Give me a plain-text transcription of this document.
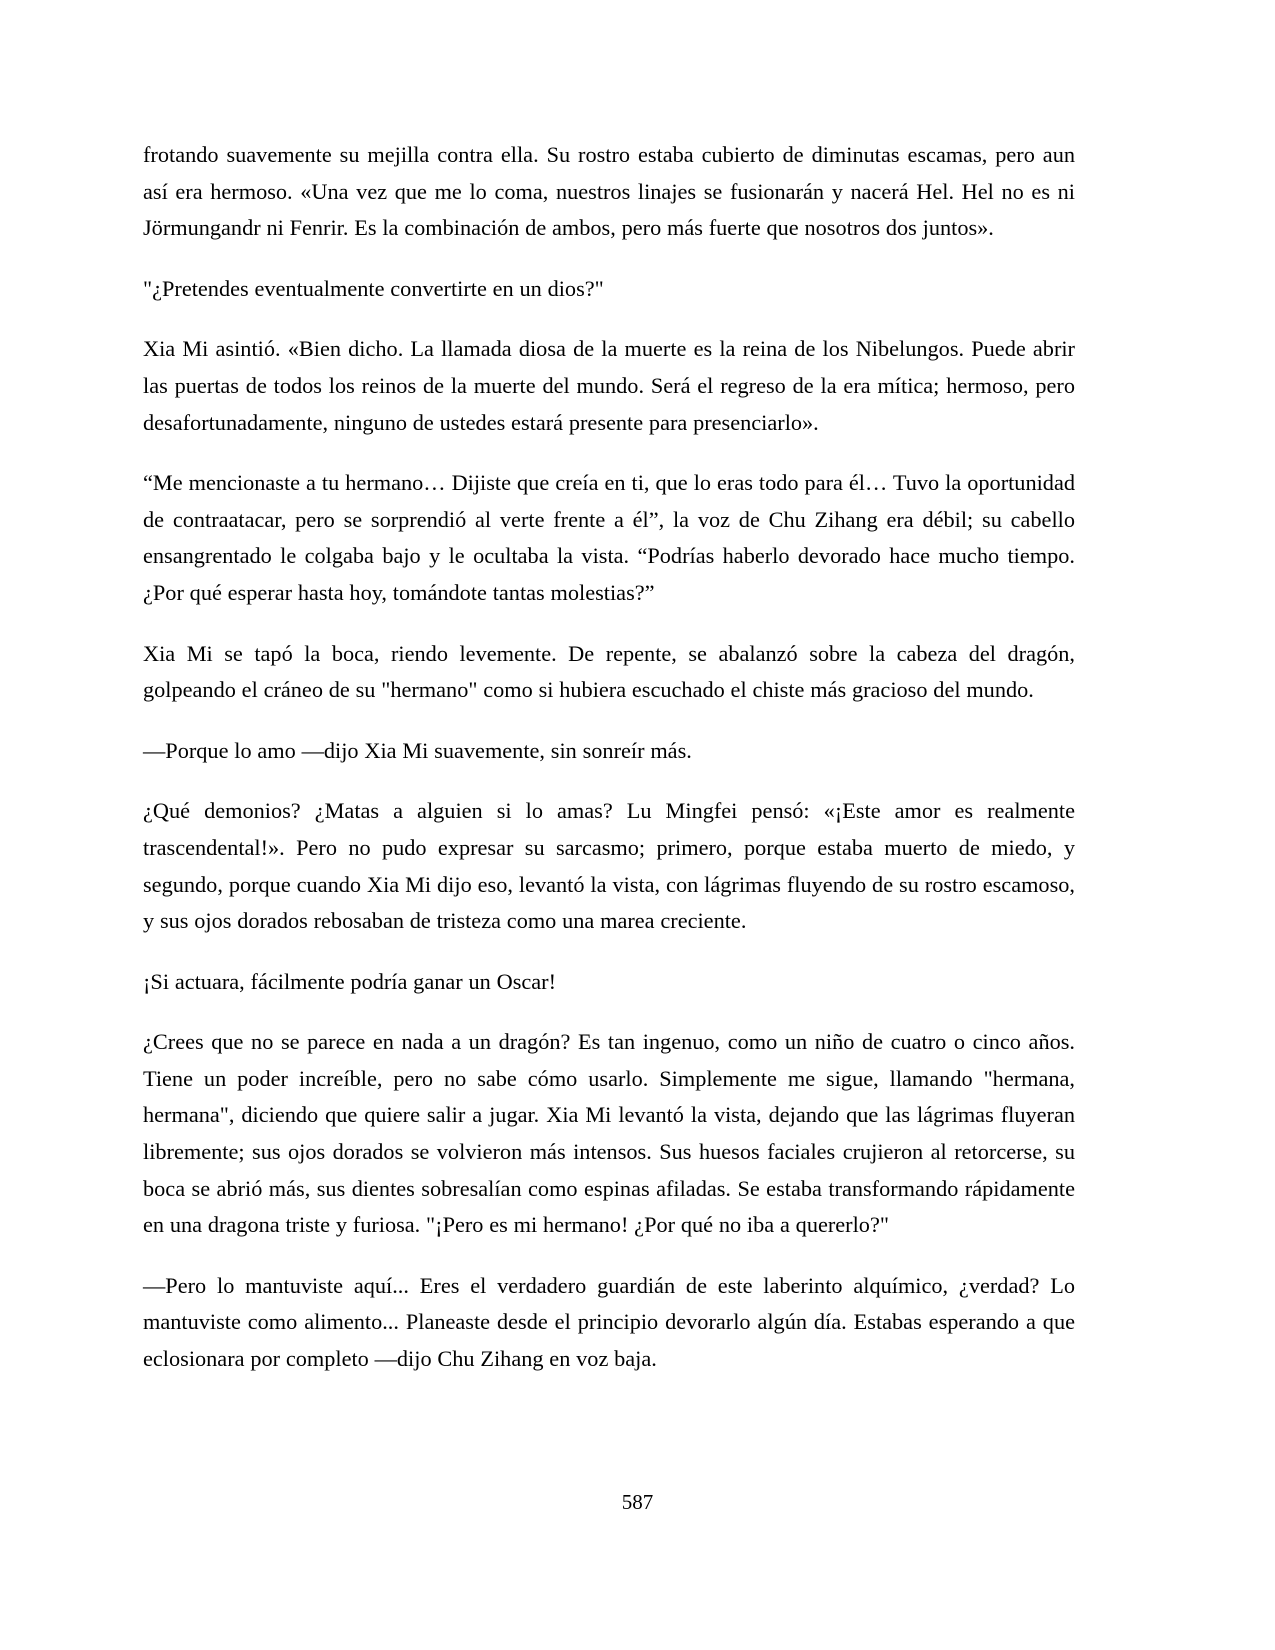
frotando suavemente su mejilla contra ella. Su rostro estaba cubierto de diminutas escamas, pero aun así era hermoso. «Una vez que me lo coma, nuestros linajes se fusionarán y nacerá Hel. Hel no es ni Jörmungandr ni Fenrir. Es la combinación de ambos, pero más fuerte que nosotros dos juntos».

"¿Pretendes eventualmente convertirte en un dios?"

Xia Mi asintió. «Bien dicho. La llamada diosa de la muerte es la reina de los Nibelungos. Puede abrir las puertas de todos los reinos de la muerte del mundo. Será el regreso de la era mítica; hermoso, pero desafortunadamente, ninguno de ustedes estará presente para presenciarlo».

“Me mencionaste a tu hermano… Dijiste que creía en ti, que lo eras todo para él… Tuvo la oportunidad de contraatacar, pero se sorprendió al verte frente a él”, la voz de Chu Zihang era débil; su cabello ensangrentado le colgaba bajo y le ocultaba la vista. “Podrías haberlo devorado hace mucho tiempo. ¿Por qué esperar hasta hoy, tomándote tantas molestias?”

Xia Mi se tapó la boca, riendo levemente. De repente, se abalanzó sobre la cabeza del dragón, golpeando el cráneo de su "hermano" como si hubiera escuchado el chiste más gracioso del mundo.

—Porque lo amo —dijo Xia Mi suavemente, sin sonreír más.

¿Qué demonios? ¿Matas a alguien si lo amas? Lu Mingfei pensó: «¡Este amor es realmente trascendental!». Pero no pudo expresar su sarcasmo; primero, porque estaba muerto de miedo, y segundo, porque cuando Xia Mi dijo eso, levantó la vista, con lágrimas fluyendo de su rostro escamoso, y sus ojos dorados rebosaban de tristeza como una marea creciente.

¡Si actuara, fácilmente podría ganar un Oscar!

¿Crees que no se parece en nada a un dragón? Es tan ingenuo, como un niño de cuatro o cinco años. Tiene un poder increíble, pero no sabe cómo usarlo. Simplemente me sigue, llamando "hermana, hermana", diciendo que quiere salir a jugar. Xia Mi levantó la vista, dejando que las lágrimas fluyeran libremente; sus ojos dorados se volvieron más intensos. Sus huesos faciales crujieron al retorcerse, su boca se abrió más, sus dientes sobresalían como espinas afiladas. Se estaba transformando rápidamente en una dragona triste y furiosa. "¡Pero es mi hermano! ¿Por qué no iba a quererlo?"

—Pero lo mantuviste aquí... Eres el verdadero guardián de este laberinto alquímico, ¿verdad? Lo mantuviste como alimento... Planeaste desde el principio devorarlo algún día. Estabas esperando a que eclosionara por completo —dijo Chu Zihang en voz baja.

587
